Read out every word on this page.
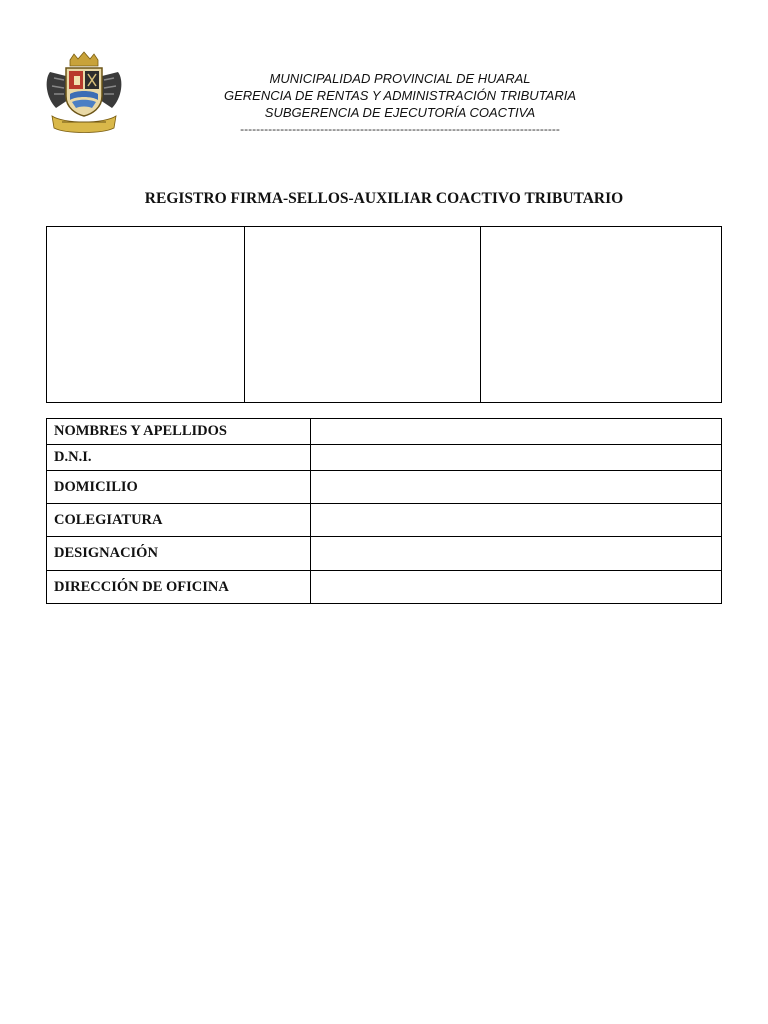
MUNICIPALIDAD PROVINCIAL DE HUARAL
GERENCIA DE RENTAS Y ADMINISTRACIÓN TRIBUTARIA
SUBGERENCIA DE EJECUTORÍA COACTIVA
--------------------------------------------------------------------------------
REGISTRO FIRMA-SELLOS-AUXILIAR COACTIVO TRIBUTARIO
NOMBRES Y APELLIDOS	
D.N.I.	
DOMICILIO	
COLEGIATURA	
DESIGNACIÓN	
DIRECCIÓN DE OFICINA	
